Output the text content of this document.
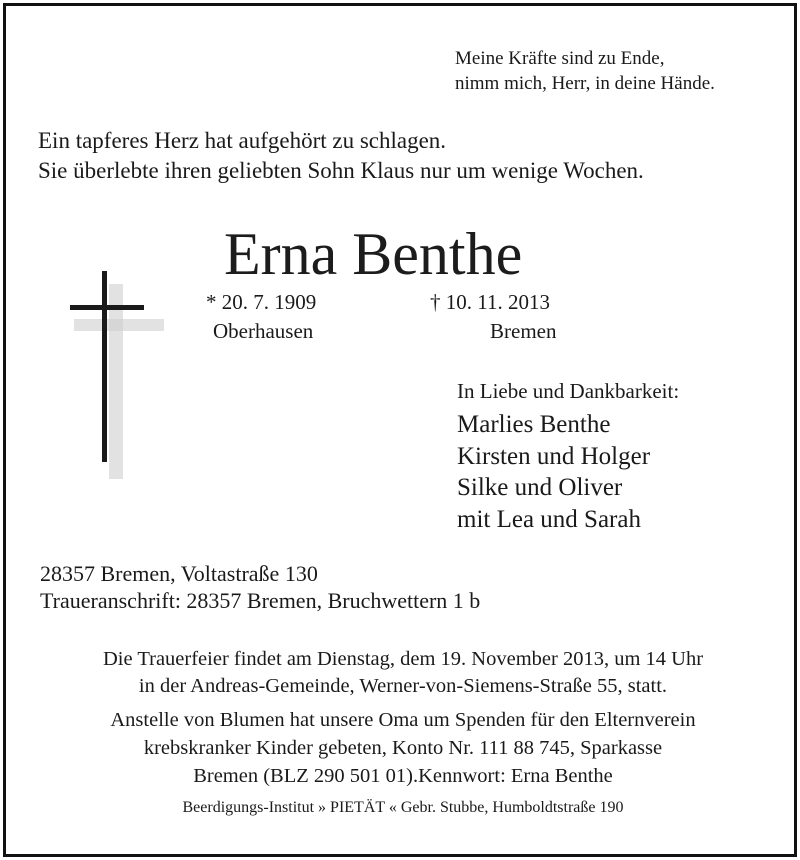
Meine Kräfte sind zu Ende,
nimm mich, Herr, in deine Hände.
Ein tapferes Herz hat aufgehört zu schlagen.
Sie überlebte ihren geliebten Sohn Klaus nur um wenige Wochen.
Erna Benthe
* 20. 7. 1909
Oberhausen
† 10. 11. 2013
Bremen
In Liebe und Dankbarkeit:
Marlies Benthe
Kirsten und Holger
Silke und Oliver
mit Lea und Sarah
28357 Bremen, Voltastraße 130
Traueranschrift: 28357 Bremen, Bruchwettern 1 b
Die Trauerfeier findet am Dienstag, dem 19. November 2013, um 14 Uhr
in der Andreas-Gemeinde, Werner-von-Siemens-Straße 55, statt.
Anstelle von Blumen hat unsere Oma um Spenden für den Elternverein
krebskranker Kinder gebeten, Konto Nr. 111 88 745, Sparkasse
Bremen (BLZ 290 501 01).Kennwort: Erna Benthe
Beerdigungs-Institut » PIETÄT « Gebr. Stubbe, Humboldtstraße 190
